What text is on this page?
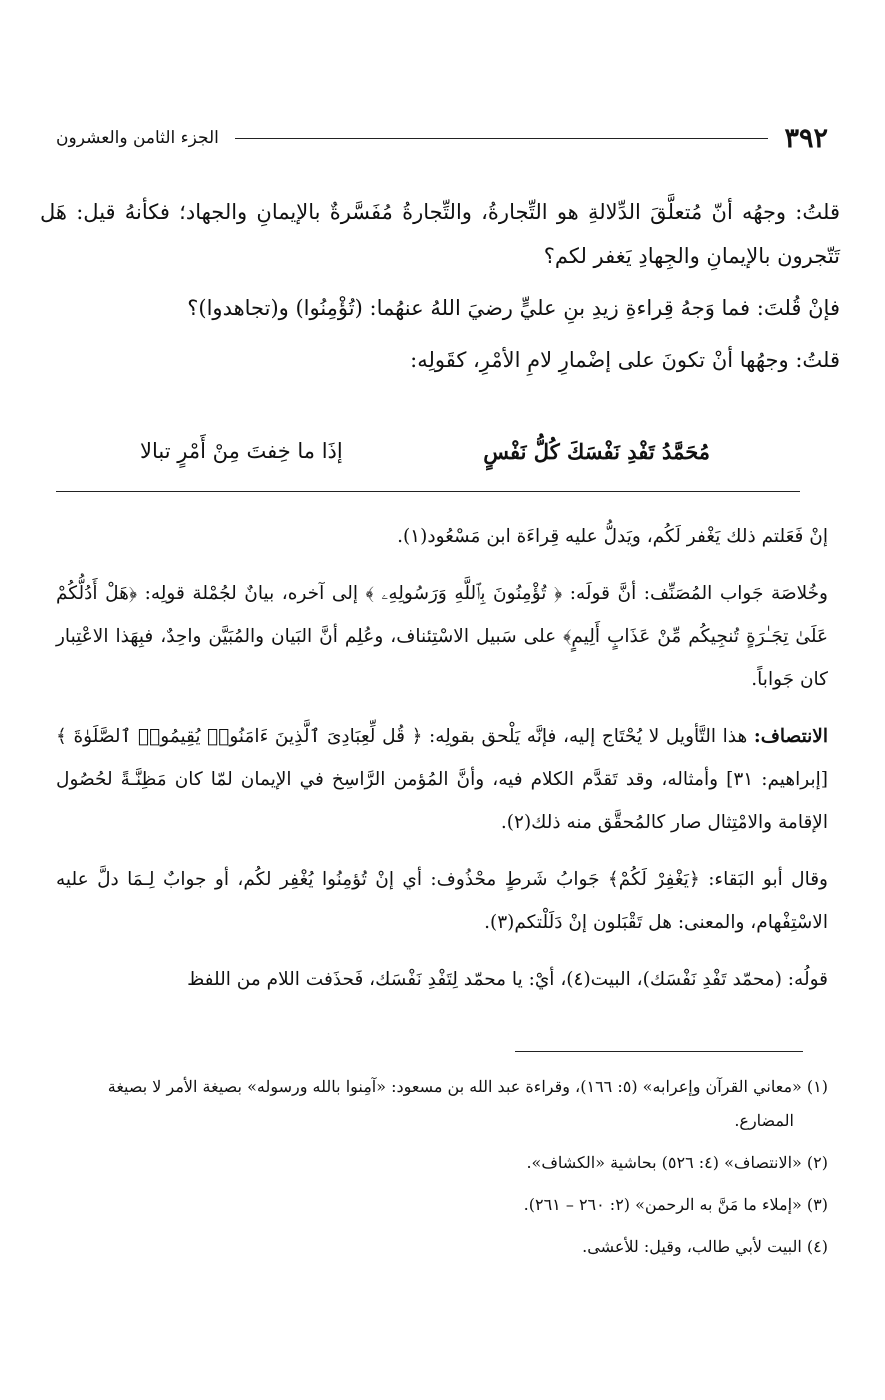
الجزء الثامن والعشرون	٣٩٢

قلتُ: وجهُه أنّ مُتعلَّقَ الدِّلالةِ هو التِّجارةُ، والتِّجارةُ مُفَسَّرةٌ بالإيمانِ والجهاد؛ فكأنهُ قيل: هَل تَتّجرون بالإيمانِ والجِهادِ يَغفر لكم؟

فإنْ قُلتَ: فما وَجهُ قِراءةِ زيدِ بنِ عليٍّ رضيَ اللهُ عنهُما: (تُؤْمِنُوا) و(تجاهدوا)؟

قلتُ: وجهُها أنْ تكونَ على إضْمارِ لامِ الأمْرِ، كقَولِه:

مُحَمَّدُ تَفْدِ نَفْسَكَ كُلُّ نَفْسٍ
إذَا ما خِفتَ مِنْ أَمْرٍ تبالا

إنْ فَعَلتم ذلك يَغْفر لَكُم، ويَدلُّ عليه قِراءَة ابن مَسْعُود(١).

وخُلاصَة جَواب المُصَنِّف: أنَّ قولَه: ﴿ تُؤْمِنُونَ بِٱللَّهِ وَرَسُولِهِۦ ﴾ إلى آخره، بيانٌ لجُمْلة قولِه: ﴿هَلْ أَدُلُّكُمْ عَلَىٰ تِجَـٰرَةٍ تُنجِيكُم مِّنْ عَذَابٍ أَلِيمٍ﴾ على سَبيل الاسْتِئناف، وعُلِم أنَّ البَيان والمُبَيَّن واحِدٌ، فبِهَذا الاعْتِبار كان جَواباً.

الانتصاف: هذا التَّأويل لا يُحْتَاج إليه، فإنَّه يَلْحق بقولِه: ﴿ قُل لِّعِبَادِىَ ٱلَّذِينَ ءَامَنُوا۟ يُقِيمُوا۟ ٱلصَّلَوٰةَ ﴾ [إبراهيم: ٣١] وأمثاله، وقد تَقدَّم الكلام فيه، وأنَّ المُؤمن الرَّاسِخ في الإيمان لمّا كان مَظِنَّـةً لحُصُول الإقامة والامْتِثال صار كالمُحقَّق منه ذلك(٢).

وقال أبو البَقاء: ﴿يَغْفِرْ لَكُمْ﴾ جَوابُ شَرطٍ محْذُوف: أي إنْ تُؤمِنُوا يُغْفِر لكُم، أو جوابٌ لِـمَا دلَّ عليه الاسْتِفْهام، والمعنى: هل تَقْبَلون إنْ دَلَلْتكم(٣).

قولُه: (محمّد تَفْدِ نَفْسَك)، البيت(٤)، أيْ: يا محمّد لِتَفْدِ نَفْسَك، فَحذَفت اللام من اللفظ

(١) «معاني القرآن وإعرابه» (٥: ١٦٦)، وقراءة عبد الله بن مسعود: «آمِنوا بالله ورسوله» بصيغة الأمر لا بصيغة المضارع.

(٢) «الانتصاف» (٤: ٥٢٦) بحاشية «الكشاف».

(٣) «إملاء ما مَنَّ به الرحمن» (٢: ٢٦٠ – ٢٦١).

(٤) البيت لأبي طالب، وقيل: للأعشى.
